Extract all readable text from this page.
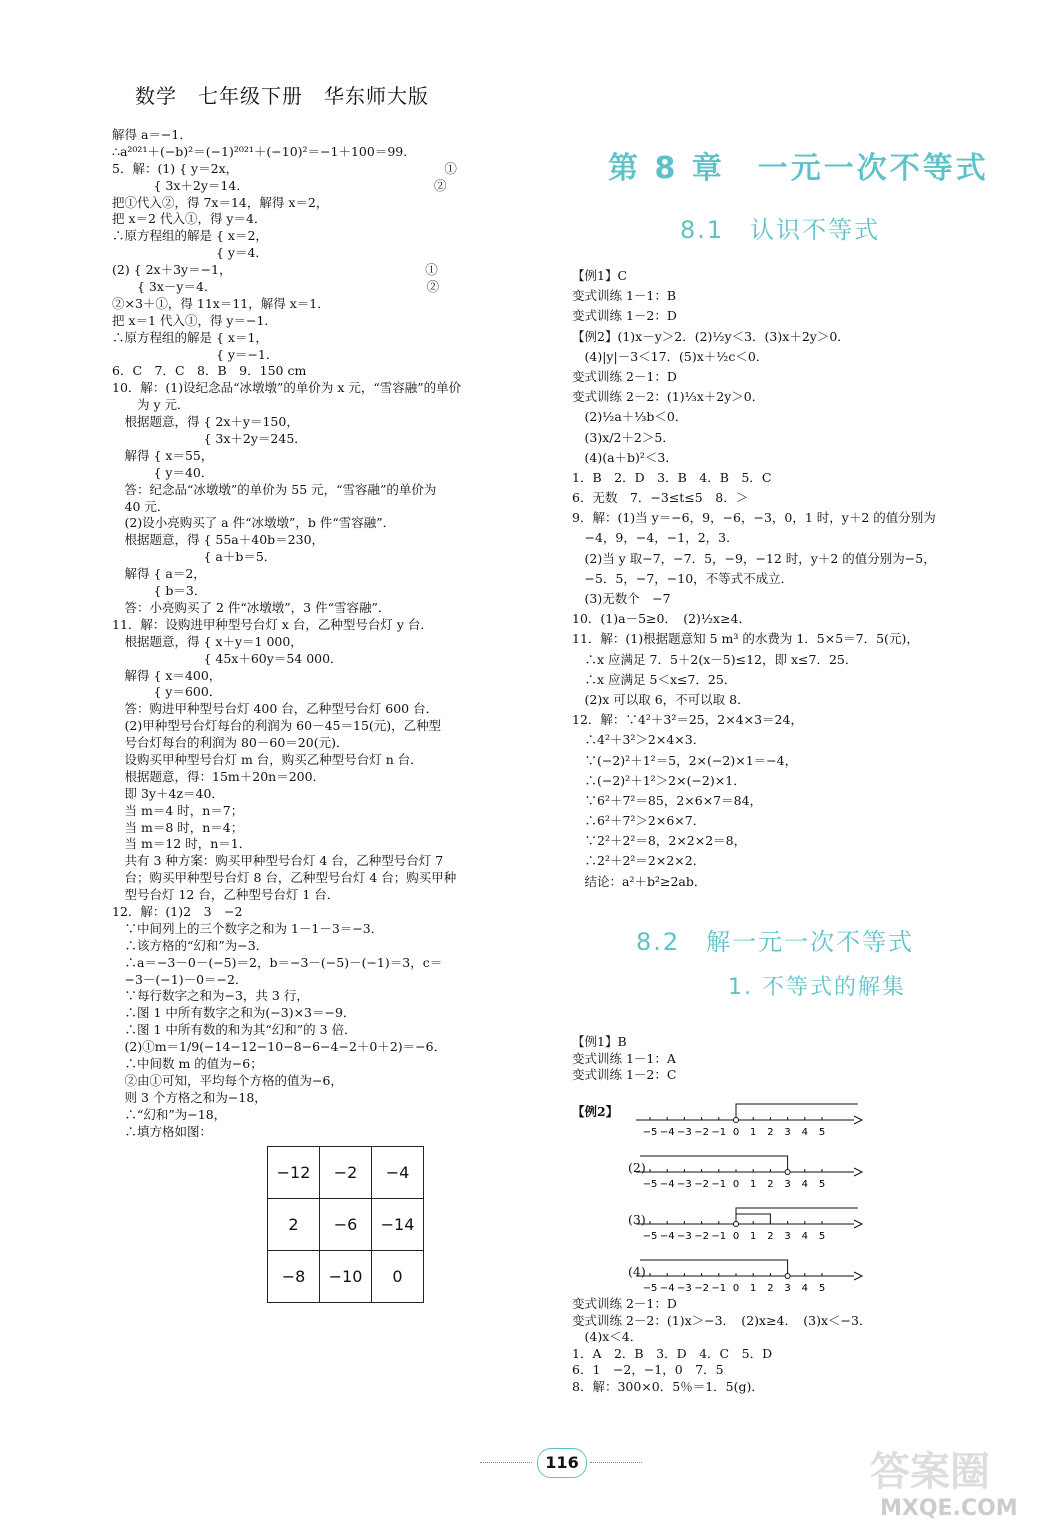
数学　七年级下册　华东师大版
解得 a＝−1．
∴a²⁰²¹＋(−b)²＝(−1)²⁰²¹＋(−10)²＝−1＋100＝99．
5．解：(1) { y＝2x，　　　　　　　　　　　　　　　　　①
　　　 { 3x＋2y＝14．　　　　　　　　　　　　　　　 ②
把①代入②，得 7x＝14，解得 x＝2，
把 x＝2 代入①，得 y＝4．
∴原方程组的解是 { x＝2，
　　　　　　　　 { y＝4．
(2) { 2x＋3y＝−1，　　　　　　　　　　　　　　　　①
　　{ 3x－y＝4．　　　　　　　　　　　　　　　　　 ②
②×3＋①，得 11x＝11，解得 x＝1．
把 x＝1 代入①，得 y＝−1．
∴原方程组的解是 { x＝1，
　　　　　　　　 { y＝−1．
6．C　7．C　8．B　9．150 cm
10．解：(1)设纪念品“冰墩墩”的单价为 x 元，“雪容融”的单价
　　为 y 元．
　根据题意，得 { 2x＋y＝150，
　　　　　　　 { 3x＋2y＝245．
　解得 { x＝55，
　　　 { y＝40．
　答：纪念品“冰墩墩”的单价为 55 元，“雪容融”的单价为
　40 元．
　(2)设小亮购买了 a 件“冰墩墩”，b 件“雪容融”．
　根据题意，得 { 55a＋40b＝230，
　　　　　　　 { a＋b＝5．
　解得 { a＝2，
　　　 { b＝3．
　答：小亮购买了 2 件“冰墩墩”，3 件“雪容融”．
11．解：设购进甲种型号台灯 x 台，乙种型号台灯 y 台．
　根据题意，得 { x＋y＝1 000，
　　　　　　　 { 45x＋60y＝54 000．
　解得 { x＝400，
　　　 { y＝600．
　答：购进甲种型号台灯 400 台，乙种型号台灯 600 台．
　(2)甲种型号台灯每台的利润为 60－45＝15(元)，乙种型
　号台灯每台的利润为 80－60＝20(元)．
　设购买甲种型号台灯 m 台，购买乙种型号台灯 n 台．
　根据题意，得：15m＋20n＝200．
　即 3y＋4z＝40．
　当 m＝4 时，n＝7；
　当 m＝8 时，n＝4；
　当 m＝12 时，n＝1．
　共有 3 种方案：购买甲种型号台灯 4 台，乙种型号台灯 7
　台；购买甲种型号台灯 8 台，乙种型号台灯 4 台；购买甲种
　型号台灯 12 台，乙种型号台灯 1 台．
12．解：(1)2　3　−2
　∵中间列上的三个数字之和为 1－1－3＝−3．
　∴该方格的“幻和”为−3．
　∴a＝−3－0－(−5)＝2，b＝−3－(−5)－(−1)＝3，c＝
　−3－(−1)－0＝−2．
　∵每行数字之和为−3，共 3 行，
　∴图 1 中所有数字之和为(−3)×3＝−9．
　∴图 1 中所有数的和为其“幻和”的 3 倍．
　(2)①m＝1/9(−14−12−10−8−6−4−2＋0＋2)＝−6．
　∴中间数 m 的值为−6；
　②由①可知，平均每个方格的值为−6，
　则 3 个方格之和为−18，
　∴“幻和”为−18，
　∴填方格如图：
−12	−2	−4
2	−6	−14
−8	−10	0
第 8 章　一元一次不等式
8.1　认识不等式
【例1】C
变式训练 1－1：B
变式训练 1－2：D
【例2】(1)x－y＞2．(2)½y＜3．(3)x＋2y＞0．
　(4)|y|－3＜17．(5)x＋½c＜0．
变式训练 2－1：D
变式训练 2－2：(1)⅓x＋2y＞0．
　(2)½a＋⅓b＜0．
　(3)x/2＋2＞5．
　(4)(a＋b)²＜3．
1．B　2．D　3．B　4．B　5．C
6．无数　7．−3≤t≤5　8．＞
9．解：(1)当 y＝−6，9，−6，−3，0，1 时，y＋2 的值分别为
　−4，9，−4，−1，2，3．
　(2)当 y 取−7，−7．5，−9，−12 时，y＋2 的值分别为−5，
　−5．5，−7，−10，不等式不成立．
　(3)无数个　−7
10．(1)a－5≥0．　(2)½x≥4．
11．解：(1)根据题意知 5 m³ 的水费为 1．5×5＝7．5(元)，
　∴x 应满足 7．5＋2(x－5)≤12，即 x≤7．25．
　∴x 应满足 5＜x≤7．25．
　(2)x 可以取 6，不可以取 8．
12．解：∵4²＋3²＝25，2×4×3＝24，
　∴4²＋3²＞2×4×3．
　∵(−2)²＋1²＝5，2×(−2)×1＝−4，
　∴(−2)²＋1²＞2×(−2)×1．
　∵6²＋7²＝85，2×6×7＝84，
　∴6²＋7²＞2×6×7．
　∵2²＋2²＝8，2×2×2＝8，
　∴2²＋2²＝2×2×2．
　结论：a²＋b²≥2ab．
8.2　解一元一次不等式
1. 不等式的解集
【例1】B
变式训练 1－1：A
变式训练 1－2：C
【例2】
−5 −4 −3 −2 −1 0 1 2 3 4 5
(2)
−5 −4 −3 −2 −1 0 1 2 3 4 5
(3)
−5 −4 −3 −2 −1 0 1 2 3 4 5
(4)
−5 −4 −3 −2 −1 0 1 2 3 4 5
变式训练 2－1：D
变式训练 2－2：(1)x＞−3．　(2)x≥4．　(3)x＜−3．
　(4)x＜4．
1．A　2．B　3．D　4．C　5．D
6．1　−2，−1，0　7．5
8．解：300×0．5％＝1．5(g)．
116	答案圈
MXQE.COM
